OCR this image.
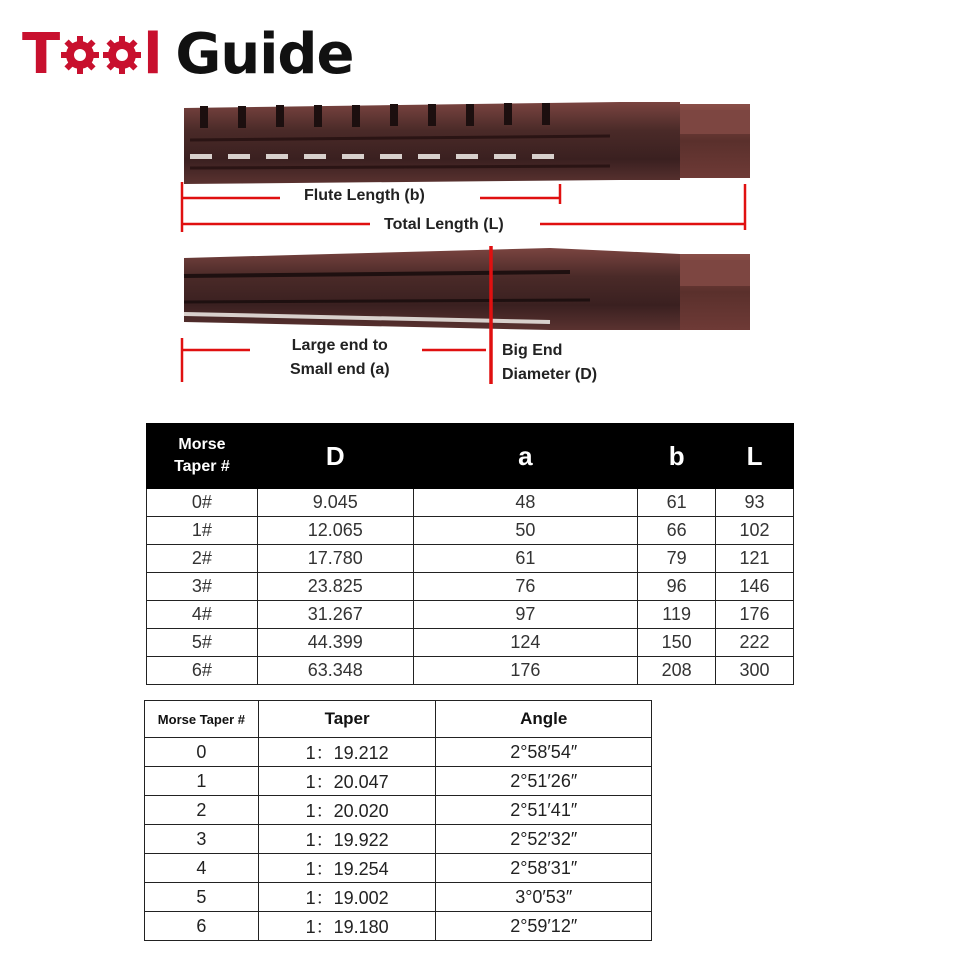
T l Guide
Flute Length (b)
Total Length (L)
Large end to
Small end (a)
Big End
Diameter (D)
Morse
Taper #	D	a	b	L
0#	9.045	48	61	93
1#	12.065	50	66	102
2#	17.780	61	79	121
3#	23.825	76	96	146
4#	31.267	97	119	176
5#	44.399	124	150	222
6#	63.348	176	208	300
Morse Taper #	Taper	Angle
0	1：19.212	2°58′54″
1	1：20.047	2°51′26″
2	1：20.020	2°51′41″
3	1：19.922	2°52′32″
4	1：19.254	2°58′31″
5	1：19.002	3°0′53″
6	1：19.180	2°59′12″
